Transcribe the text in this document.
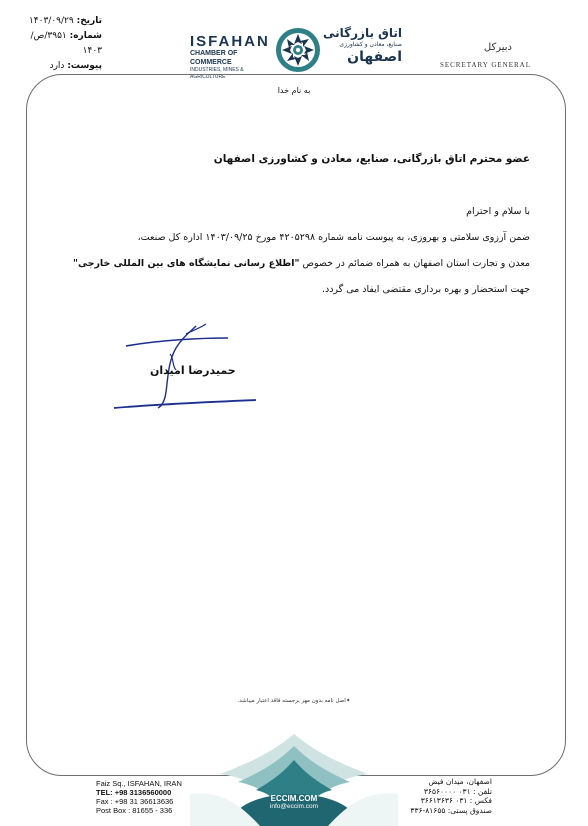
تاریخ: ۱۴۰۳/۰۹/۲۹
شماره: ۳۹۵۱/ص/۱۴۰۳
پیوست: دارد
ISFAHAN
CHAMBER OF COMMERCE
INDUSTRIES, MINES & AGRICULTURE
اتاق بازرگانی
صنایع، معادن و کشاورزی
اصفهان
دبیرکل
SECRETARY GENERAL
به نام خدا
عضو محترم اتاق بازرگانی، صنایع، معادن و کشاورزی اصفهان

با سلام و احترام

ضمن آرزوی سلامتی و بهروزی، به پیوست نامه شماره ۴۲۰۵۲۹۸ مورخ ۱۴۰۳/۰۹/۲۵ اداره کل صنعت،

معدن و تجارت استان اصفهان به همراه ضمائم در خصوص "اطلاع رسانی نمایشگاه های بین المللی خارجی"

جهت استحضار و بهره برداری مقتضی ایفاد می گردد.

حمیدرضا امیدان
✦اصل نامه بدون مهر برجسته فاقد اعتبار میباشد.
ECCIM.COM
info@eccim.com
Faiz Sq., ISFAHAN, IRAN
TEL: +98 3136560000
Fax : +98 31 36613636
Post Box : 81655 - 336
اصفهان، میدان فیض
تلفن : ۰۳۱ ۳۶۵۶۰۰۰۰
فکس : ۰۳۱ ۳۶۶۱۳۶۳۶
صندوق پستی: ۸۱۶۵۵-۳۳۶
